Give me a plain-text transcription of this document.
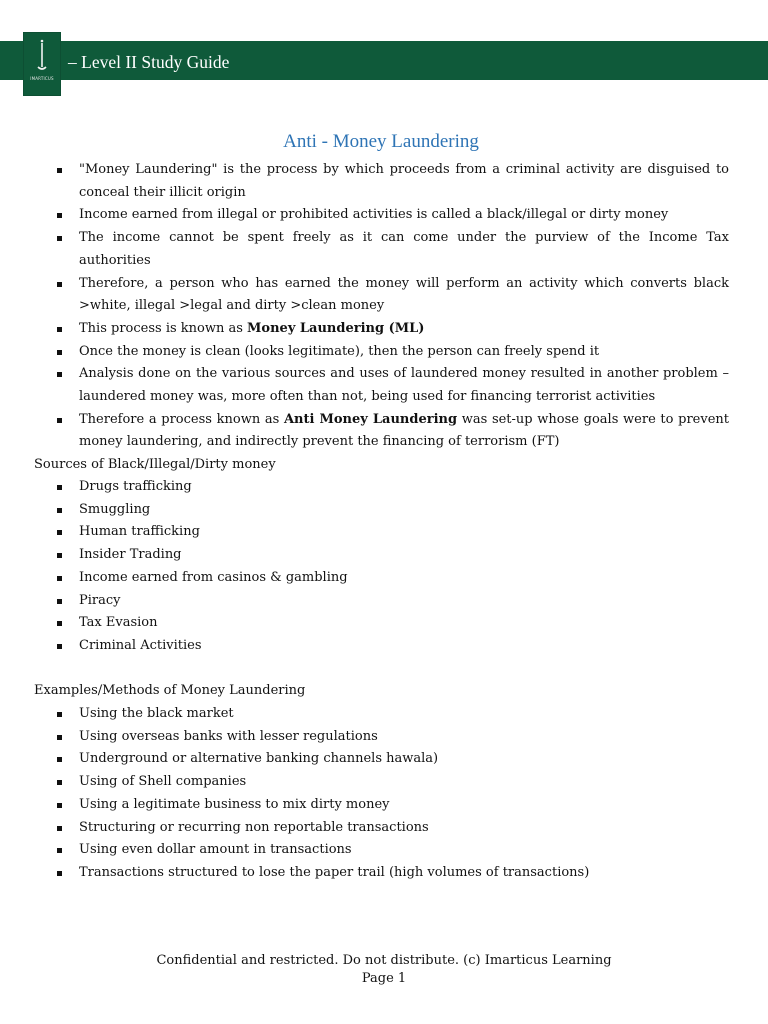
IMARTICUS
– Level II Study Guide
Anti - Money Laundering
"Money Laundering" is the process by which proceeds from a criminal activity are disguised to conceal their illicit origin
Income earned from illegal or prohibited activities is called a black/illegal or dirty money
The income cannot be spent freely as it can come under the purview of the Income Tax authorities
Therefore, a person who has earned the money will perform an activity which converts black >white, illegal >legal and dirty >clean money
This process is known as Money Laundering (ML)
Once the money is clean (looks legitimate), then the person can freely spend it
Analysis done on the various sources and uses of laundered money resulted in another problem – laundered money was, more often than not, being used for financing terrorist activities
Therefore a process known as Anti Money Laundering was set-up whose goals were to prevent money laundering, and indirectly prevent the financing of terrorism (FT)
Sources of Black/Illegal/Dirty money
Drugs trafficking
Smuggling
Human trafficking
Insider Trading
Income earned from casinos & gambling
Piracy
Tax Evasion
Criminal Activities
Examples/Methods of Money Laundering
Using the black market
Using overseas banks with lesser regulations
Underground or alternative banking channels hawala)
Using of Shell companies
Using a legitimate business to mix dirty money
Structuring or recurring non reportable transactions
Using even dollar amount in transactions
Transactions structured to lose the paper trail (high volumes of transactions)
Confidential and restricted. Do not distribute. (c) Imarticus Learning
Page 1
